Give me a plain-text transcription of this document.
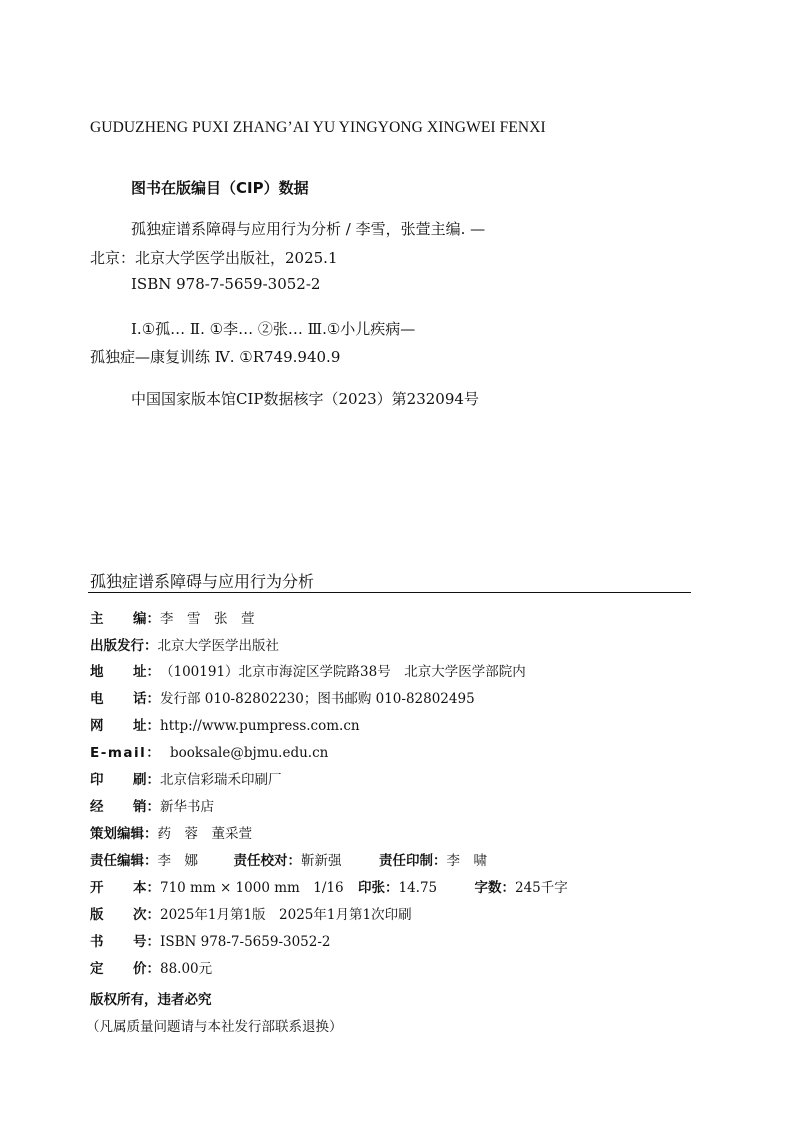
GUDUZHENG PUXI ZHANG’AI YU YINGYONG XINGWEI FENXI
图书在版编目（CIP）数据
孤独症谱系障碍与应用行为分析 / 李雪，张萱主编. —
北京：北京大学医学出版社，2025.1
ISBN 978-7-5659-3052-2
Ⅰ.①孤… Ⅱ. ①李… ②张… Ⅲ.①小儿疾病—
孤独症—康复训练 Ⅳ. ①R749.940.9
中国国家版本馆CIP数据核字（2023）第232094号
孤独症谱系障碍与应用行为分析
主 编： 李　雪　张　萱
出版发行： 北京大学医学出版社
地 址： （100191）北京市海淀区学院路38号　北京大学医学部院内
电 话： 发行部 010-82802230；图书邮购 010-82802495
网 址： http://www.pumpress.com.cn
E-mail： booksale@bjmu.edu.cn
印 刷： 北京信彩瑞禾印刷厂
经 销： 新华书店
策划编辑： 药　蓉　董采萱
责任编辑： 李　娜	责任校对： 靳新强	责任印制： 李　啸
开 本： 710 mm × 1000 mm　1/16	印张： 14.75	字数： 245千字
版 次： 2025年1月第1版　2025年1月第1次印刷
书 号： ISBN 978-7-5659-3052-2
定 价： 88.00元
版权所有，违者必究
（凡属质量问题请与本社发行部联系退换）
